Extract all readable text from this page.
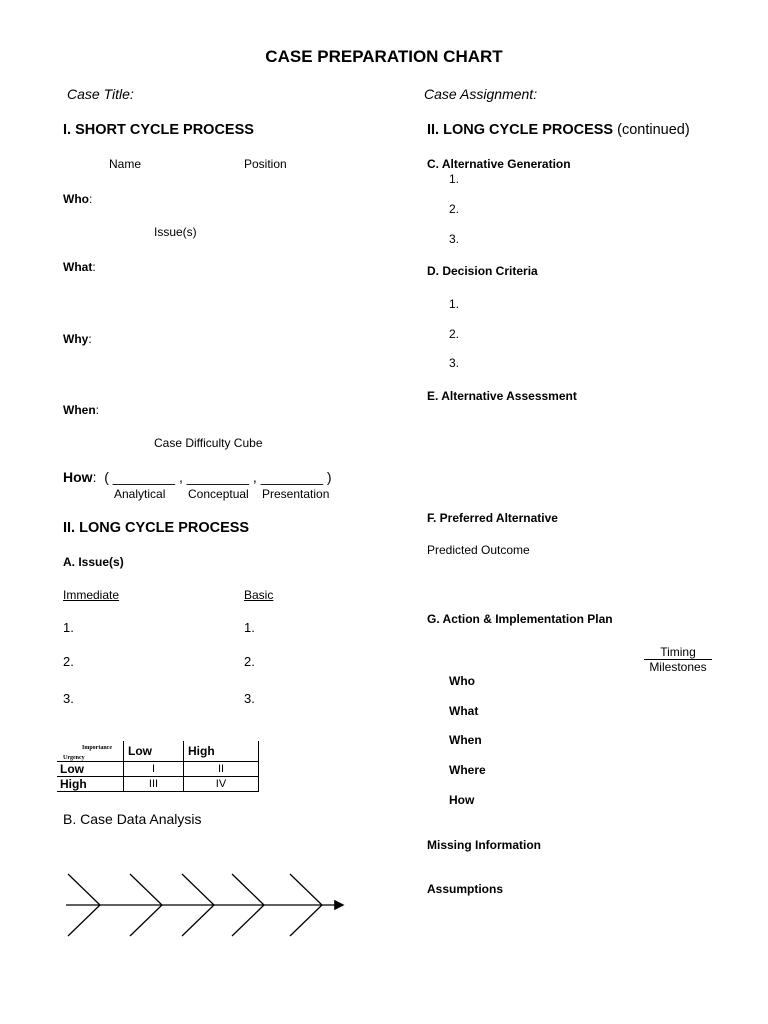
CASE PREPARATION CHART
Case Title:	Case Assignment:
I. SHORT CYCLE PROCESS
Name	Position
Who:
Issue(s)
What:
Why:
When:
Case Difficulty Cube
How: ( ________ , ________ , ________ )
Analytical Conceptual Presentation
II. LONG CYCLE PROCESS
A. Issue(s)
Immediate	Basic
1.	1.
2.	2.
3.	3.
Importance
Urgency	Low	High
Low	I	II
High	III	IV
B. Case Data Analysis
II. LONG CYCLE PROCESS (continued)
C. Alternative Generation
1.
2.
3.
D. Decision Criteria
1.
2.
3.
E. Alternative Assessment
F. Preferred Alternative
Predicted Outcome
G. Action & Implementation Plan
Timing
Milestones
Who
What
When
Where
How
Missing Information
Assumptions
